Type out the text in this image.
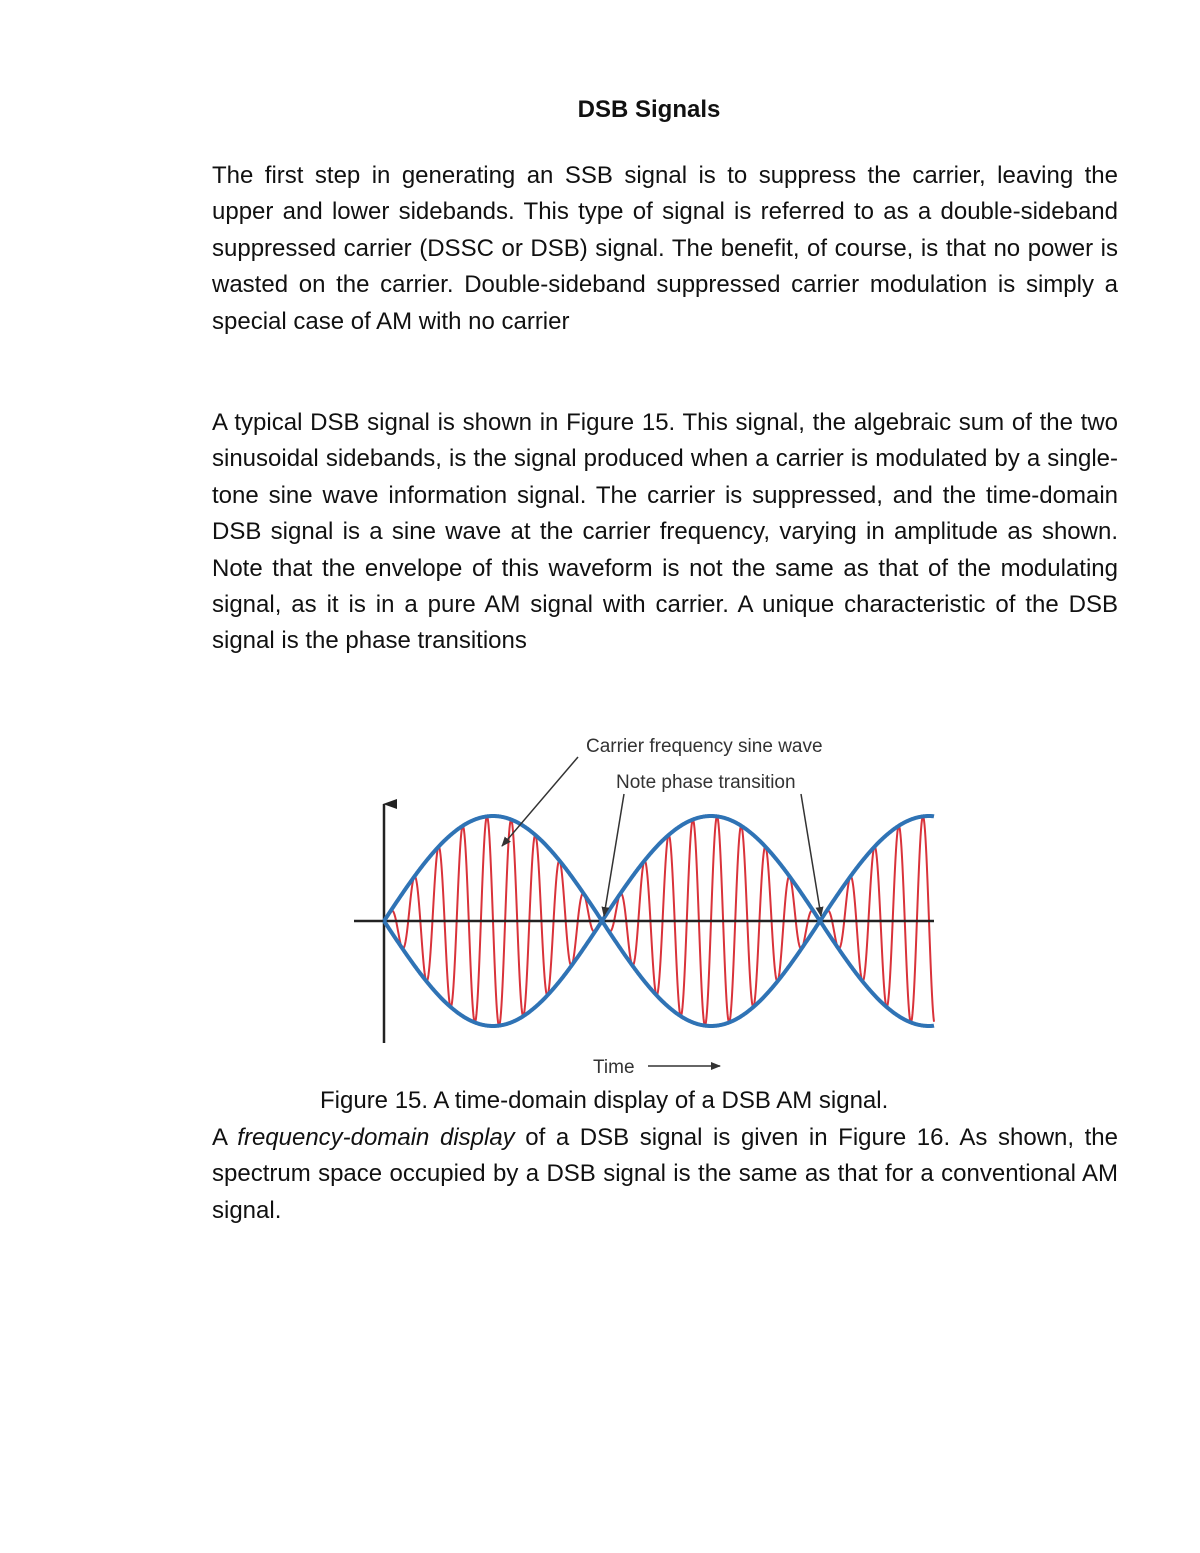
DSB Signals

The first step in generating an SSB signal is to suppress the carrier, leaving the upper and lower sidebands. This type of signal is referred to as a double-sideband suppressed carrier (DSSC or DSB) signal. The benefit, of course, is that no power is wasted on the carrier. Double-sideband suppressed carrier modulation is simply a special case of AM with no carrier

A typical DSB signal is shown in Figure 15. This signal, the algebraic sum of the two sinusoidal sidebands, is the signal produced when a carrier is modulated by a single-tone sine wave information signal. The carrier is suppressed, and the time-domain DSB signal is a sine wave at the carrier frequency, varying in amplitude as shown. Note that the envelope of this waveform is not the same as that of the modulating signal, as it is in a pure AM signal with carrier. A unique characteristic of the DSB signal is the phase transitions

Carrier frequency sine wave
Note phase transition
Time
Figure 15. A time-domain display of a DSB AM signal.

A frequency-domain display of a DSB signal is given in Figure 16. As shown, the spectrum space occupied by a DSB signal is the same as that for a conventional AM signal.
